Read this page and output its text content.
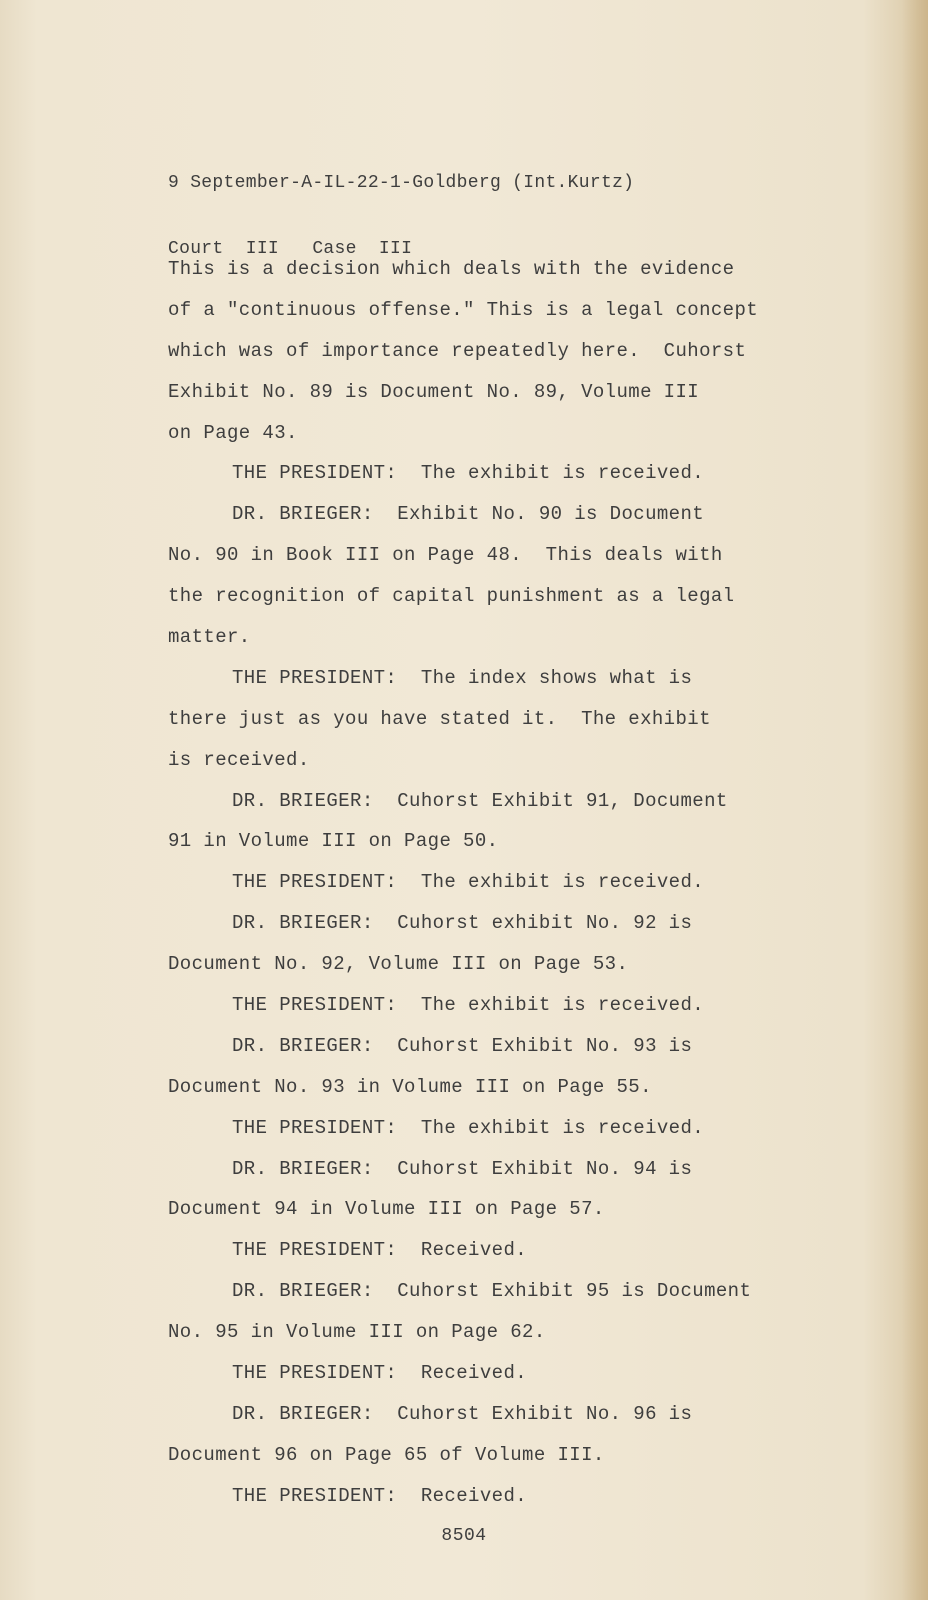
9 September-A-IL-22-1-Goldberg (Int.Kurtz)

Court  III   Case  III

This is a decision which deals with the evidence
of a "continuous offense." This is a legal concept
which was of importance repeatedly here.  Cuhorst
Exhibit No. 89 is Document No. 89, Volume III
on Page 43.
THE PRESIDENT:  The exhibit is received.
DR. BRIEGER:  Exhibit No. 90 is Document
No. 90 in Book III on Page 48.  This deals with
the recognition of capital punishment as a legal
matter.
THE PRESIDENT:  The index shows what is
there just as you have stated it.  The exhibit
is received.
DR. BRIEGER:  Cuhorst Exhibit 91, Document
91 in Volume III on Page 50.
THE PRESIDENT:  The exhibit is received.
DR. BRIEGER:  Cuhorst exhibit No. 92 is
Document No. 92, Volume III on Page 53.
THE PRESIDENT:  The exhibit is received.
DR. BRIEGER:  Cuhorst Exhibit No. 93 is
Document No. 93 in Volume III on Page 55.
THE PRESIDENT:  The exhibit is received.
DR. BRIEGER:  Cuhorst Exhibit No. 94 is
Document 94 in Volume III on Page 57.
THE PRESIDENT:  Received.
DR. BRIEGER:  Cuhorst Exhibit 95 is Document
No. 95 in Volume III on Page 62.
THE PRESIDENT:  Received.
DR. BRIEGER:  Cuhorst Exhibit No. 96 is
Document 96 on Page 65 of Volume III.
THE PRESIDENT:  Received.
8504
